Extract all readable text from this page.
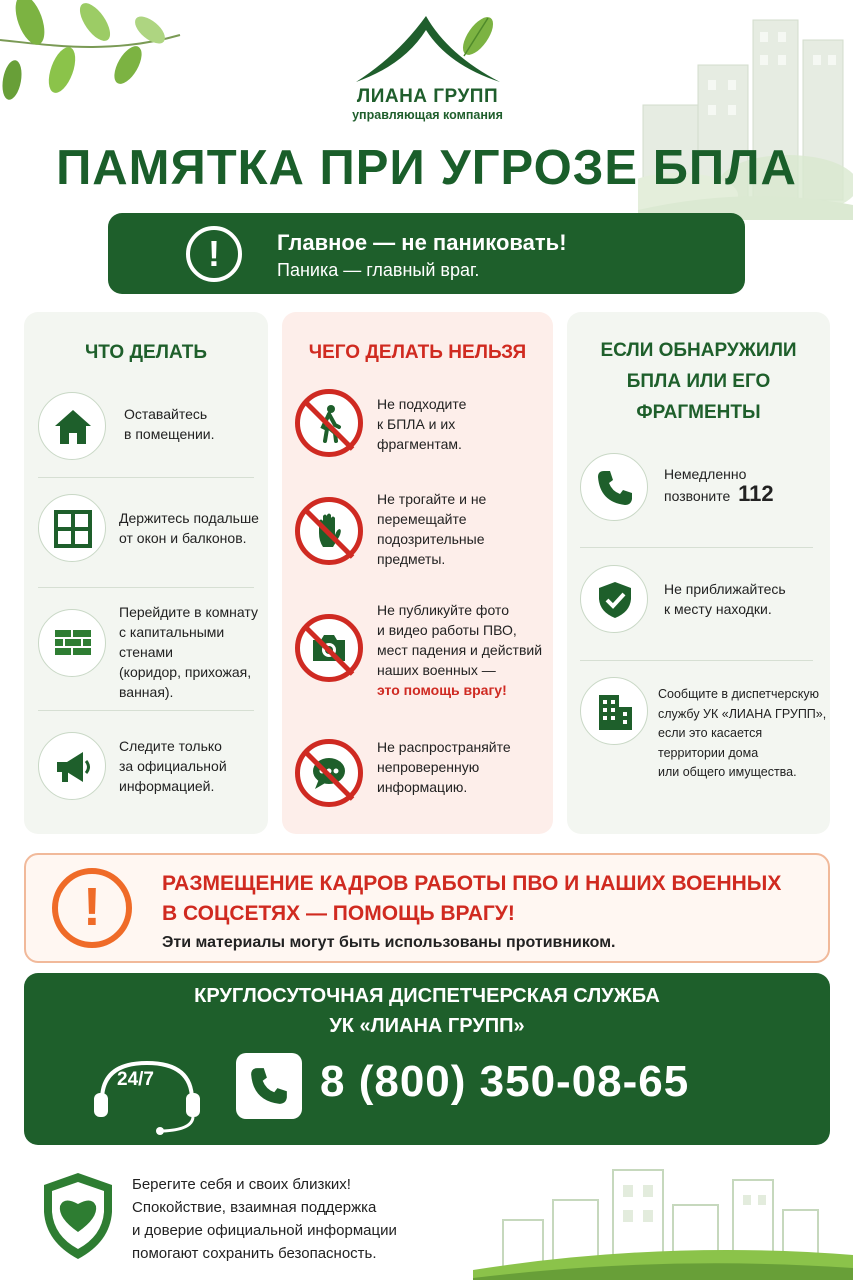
ЛИАНА ГРУПП
управляющая компания
ПАМЯТКА ПРИ УГРОЗЕ БПЛА
!	Главное — не паниковать!
Паника — главный враг.
ЧТО ДЕЛАТЬ
Оставайтесь
в помещении.
Держитесь подальше
от окон и балконов.
Перейдите в комнату
с капитальными стенами
(коридор, прихожая,
ванная).
Следите только
за официальной
информацией.
ЧЕГО ДЕЛАТЬ НЕЛЬЗЯ
Не подходите
к БПЛА и их
фрагментам.
Не трогайте и не
перемещайте
подозрительные
предметы.
Не публикуйте фото
и видео работы ПВО,
мест падения и действий
наших военных —
это помощь врагу!
Не распространяйте
непроверенную
информацию.
ЕСЛИ ОБНАРУЖИЛИ
БПЛА ИЛИ ЕГО
ФРАГМЕНТЫ
Немедленно
позвоните 112
Не приближайтесь
к месту находки.
Сообщите в диспетчерскую
службу УК «ЛИАНА ГРУПП»,
если это касается
территории дома
или общего имущества.
!	РАЗМЕЩЕНИЕ КАДРОВ РАБОТЫ ПВО И НАШИХ ВОЕННЫХ
В СОЦСЕТЯХ — ПОМОЩЬ ВРАГУ!
Эти материалы могут быть использованы противником.
КРУГЛОСУТОЧНАЯ ДИСПЕТЧЕРСКАЯ СЛУЖБА
УК «ЛИАНА ГРУПП»
24/7	8 (800) 350-08-65
Берегите себя и своих близких!
Спокойствие, взаимная поддержка
и доверие официальной информации
помогают сохранить безопасность.
